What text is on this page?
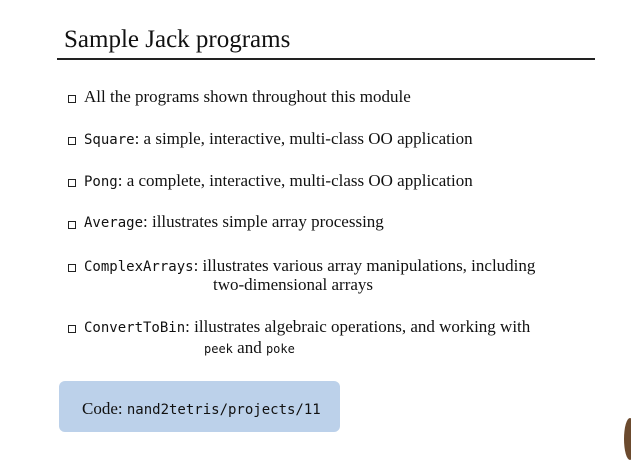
Sample Jack programs
All the programs shown throughout this module
Square: a simple, interactive, multi-class OO application
Pong: a complete, interactive, multi-class OO application
Average: illustrates simple array processing
ComplexArrays: illustrates various array manipulations, including
two-dimensional arrays
ConvertToBin: illustrates algebraic operations, and working with
peek and poke
Code: nand2tetris/projects/11
